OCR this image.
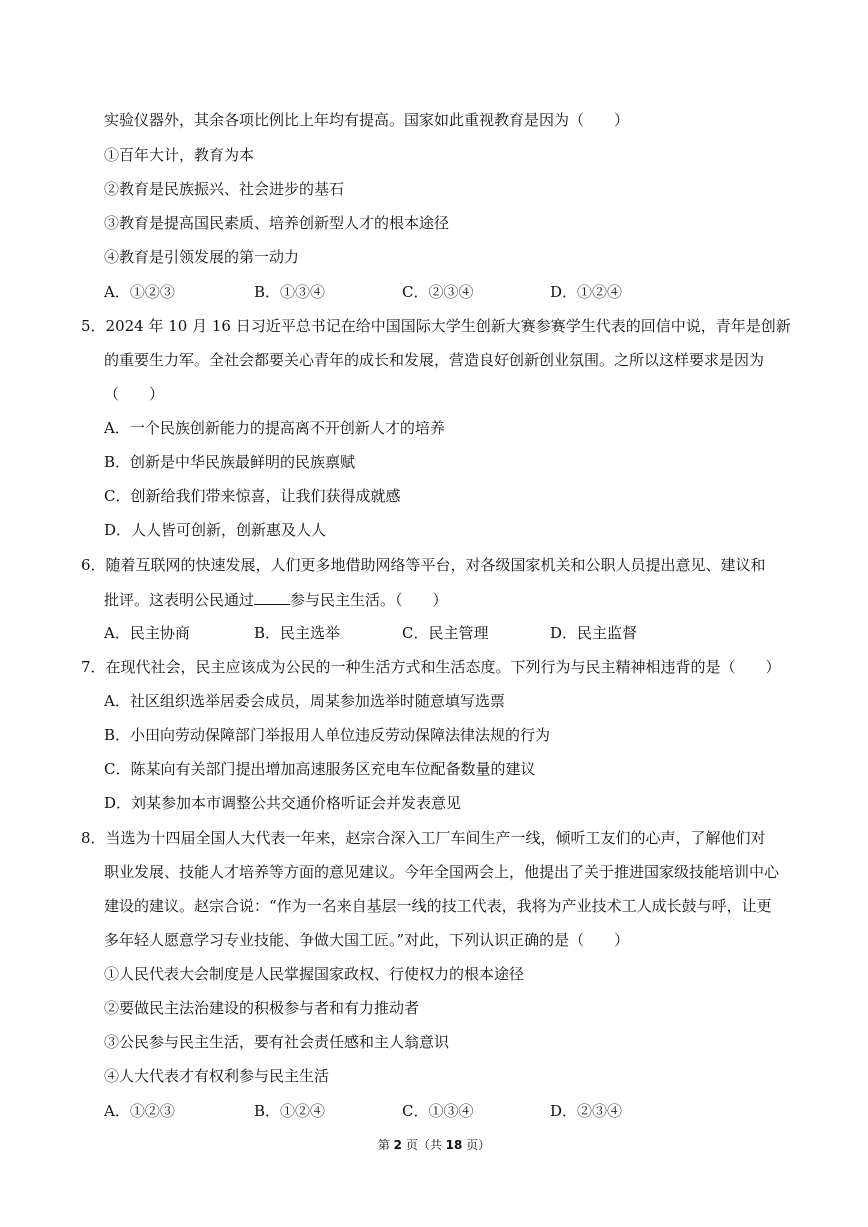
实验仪器外，其余各项比例比上年均有提高。国家如此重视教育是因为（　　）
①百年大计，教育为本
②教育是民族振兴、社会进步的基石
③教育是提高国民素质、培养创新型人才的根本途径
④教育是引领发展的第一动力
A．①②③	B．①③④	C．②③④	D．①②④
5．2024 年 10 月 16 日习近平总书记在给中国国际大学生创新大赛参赛学生代表的回信中说，青年是创新
的重要生力军。全社会都要关心青年的成长和发展，营造良好创新创业氛围。之所以这样要求是因为
（　　）
A．一个民族创新能力的提高离不开创新人才的培养
B．创新是中华民族最鲜明的民族禀赋
C．创新给我们带来惊喜，让我们获得成就感
D．人人皆可创新，创新惠及人人
6．随着互联网的快速发展，人们更多地借助网络等平台，对各级国家机关和公职人员提出意见、建议和
批评。这表明公民通过 参与民主生活。（　　）
A．民主协商	B．民主选举	C．民主管理	D．民主监督
7．在现代社会，民主应该成为公民的一种生活方式和生活态度。下列行为与民主精神相违背的是（　　）
A．社区组织选举居委会成员，周某参加选举时随意填写选票
B．小田向劳动保障部门举报用人单位违反劳动保障法律法规的行为
C．陈某向有关部门提出增加高速服务区充电车位配备数量的建议
D．刘某参加本市调整公共交通价格听证会并发表意见
8．当选为十四届全国人大代表一年来，赵宗合深入工厂车间生产一线，倾听工友们的心声，了解他们对
职业发展、技能人才培养等方面的意见建议。今年全国两会上，他提出了关于推进国家级技能培训中心
建设的建议。赵宗合说：“作为一名来自基层一线的技工代表，我将为产业技术工人成长鼓与呼，让更
多年轻人愿意学习专业技能、争做大国工匠。”对此，下列认识正确的是（　　）
①人民代表大会制度是人民掌握国家政权、行使权力的根本途径
②要做民主法治建设的积极参与者和有力推动者
③公民参与民主生活，要有社会责任感和主人翁意识
④人大代表才有权利参与民主生活
A．①②③	B．①②④	C．①③④	D．②③④
第 2 页（共 18 页）
